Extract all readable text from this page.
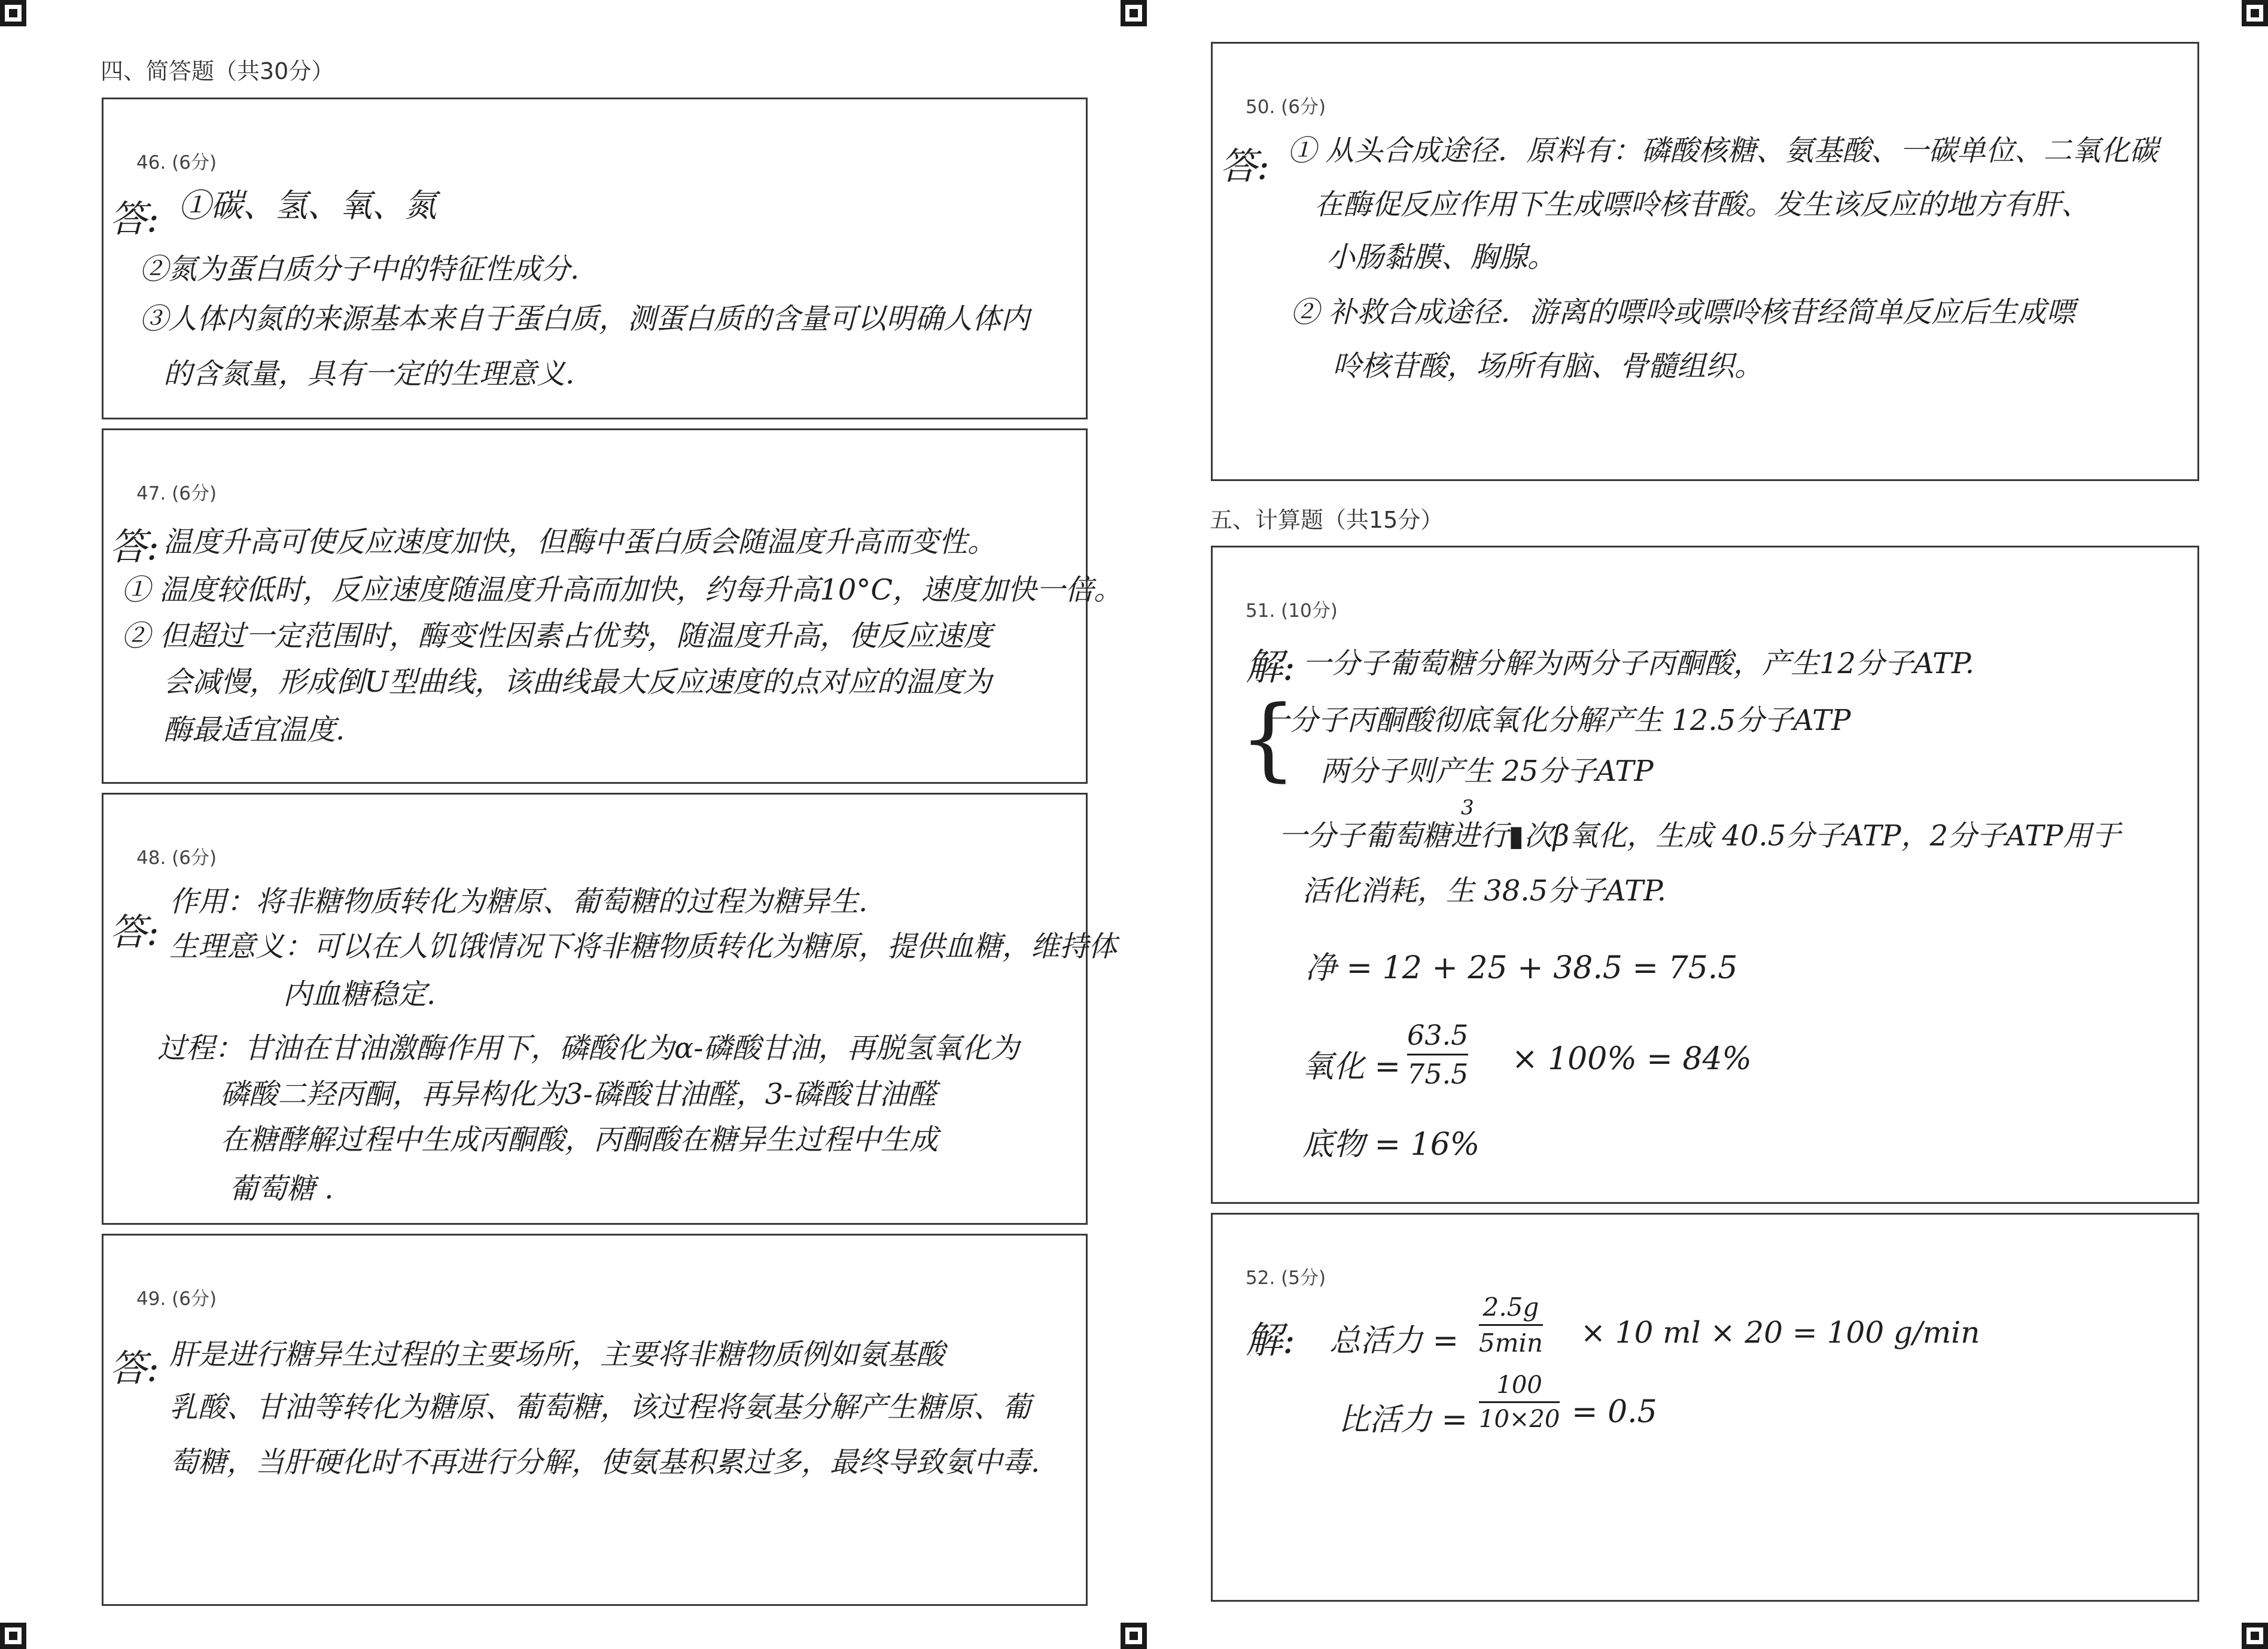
四、简答题（共30分）
五、计算题（共15分）
46. (6分)
答: ①碳、氢、氧、氮
②氮为蛋白质分子中的特征性成分.
③人体内氮的来源基本来自于蛋白质，测蛋白质的含量可以明确人体内
的含氮量，具有一定的生理意义.
47. (6分)
答: 温度升高可使反应速度加快，但酶中蛋白质会随温度升高而变性。
① 温度较低时，反应速度随温度升高而加快，约每升高10°C，速度加快一倍。
② 但超过一定范围时，酶变性因素占优势，随温度升高，使反应速度
会减慢，形成倒U型曲线，该曲线最大反应速度的点对应的温度为
酶最适宜温度.
48. (6分)
答:
作用：将非糖物质转化为糖原、葡萄糖的过程为糖异生.
生理意义：可以在人饥饿情况下将非糖物质转化为糖原，提供血糖，维持体
内血糖稳定.
过程：甘油在甘油激酶作用下，磷酸化为α-磷酸甘油，再脱氢氧化为
磷酸二羟丙酮，再异构化为3-磷酸甘油醛，3-磷酸甘油醛
在糖酵解过程中生成丙酮酸，丙酮酸在糖异生过程中生成
葡萄糖 .
49. (6分)
答: 肝是进行糖异生过程的主要场所，主要将非糖物质例如氨基酸
乳酸、甘油等转化为糖原、葡萄糖，该过程将氨基分解产生糖原、葡
萄糖，当肝硬化时不再进行分解，使氨基积累过多，最终导致氨中毒.
50. (6分)
答: ① 从头合成途径．原料有：磷酸核糖、氨基酸、一碳单位、二氧化碳
在酶促反应作用下生成嘌呤核苷酸。发生该反应的地方有肝、
小肠黏膜、胸腺。
② 补救合成途径．游离的嘌呤或嘌呤核苷经简单反应后生成嘌
呤核苷酸，场所有脑、骨髓组织。
51. (10分)
解: 一分子葡萄糖分解为两分子丙酮酸，产生12分子ATP.
{
一分子丙酮酸彻底氧化分解产生 12.5分子ATP
两分子则产生 25分子ATP
3
一分子葡萄糖进行▮次β氧化，生成 40.5分子ATP，2分子ATP用于
活化消耗，生 38.5分子ATP.
净 = 12 + 25 + 38.5 = 75.5
氧化 =
63.5
75.5 × 100% = 84%
底物 = 16%
52. (5分)
解: 总活力 =
2.5g
5min × 10 ml × 20 = 100 g/min
比活力 =
100
10×20 = 0.5
